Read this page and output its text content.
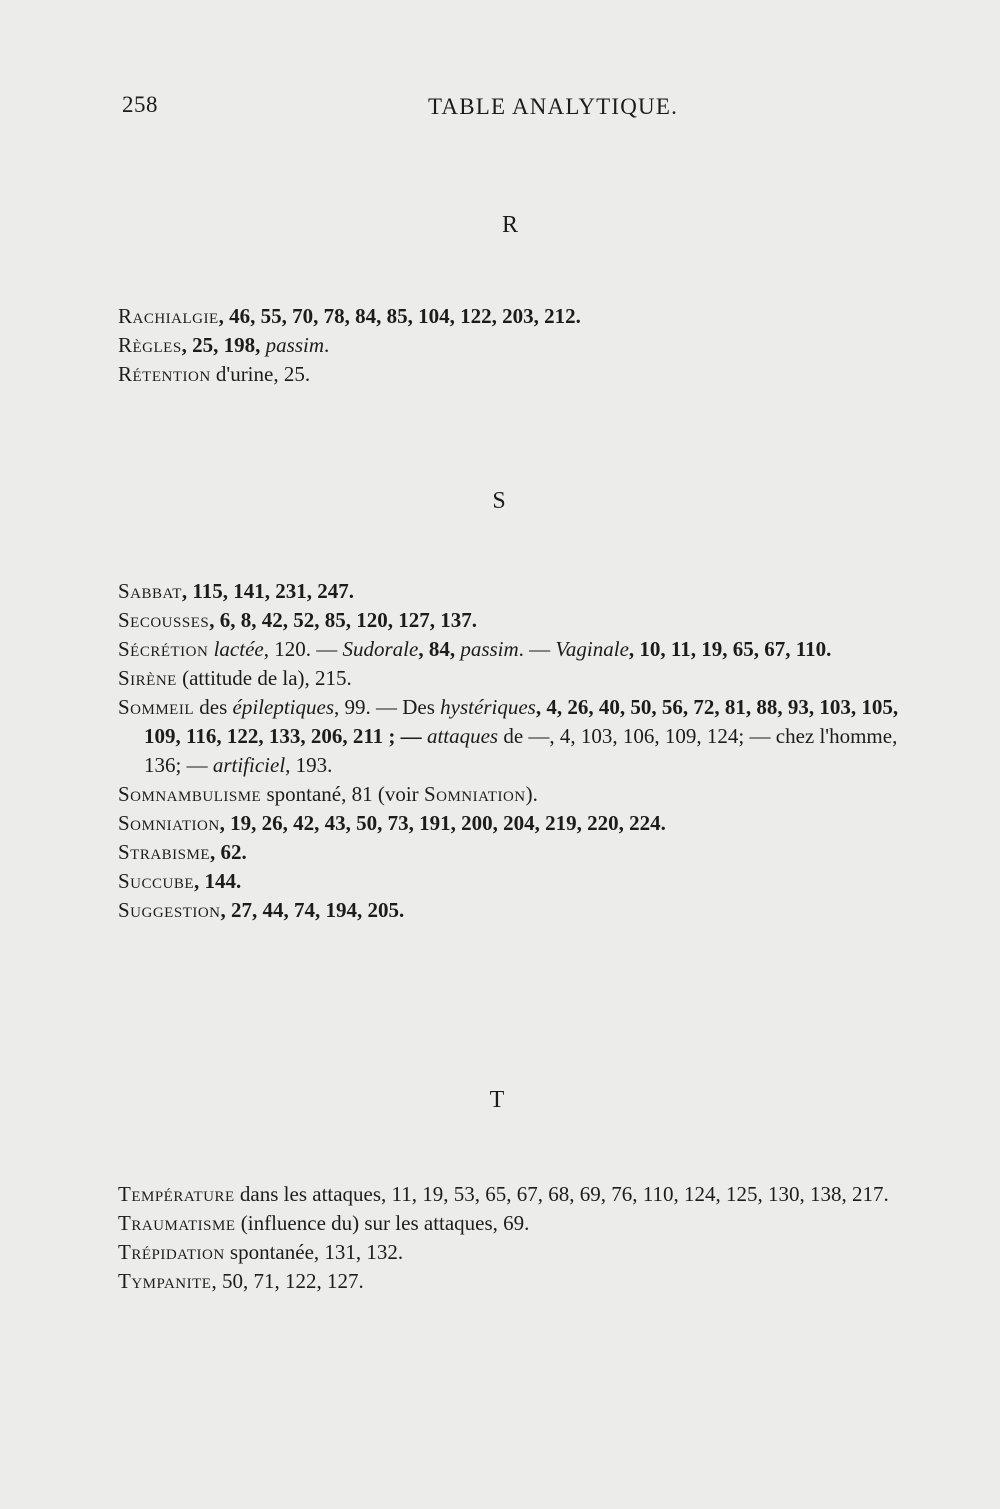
258	TABLE ANALYTIQUE.
R

Rachialgie, 46, 55, 70, 78, 84, 85, 104, 122, 203, 212.

Règles, 25, 198, passim.

Rétention d'urine, 25.

S

Sabbat, 115, 141, 231, 247.

Secousses, 6, 8, 42, 52, 85, 120, 127, 137.

Sécrétion lactée, 120. — Sudorale, 84, passim. — Vaginale, 10, 11, 19, 65, 67, 110.

Sirène (attitude de la), 215.

Sommeil des épileptiques, 99. — Des hystériques, 4, 26, 40, 50, 56, 72, 81, 88, 93, 103, 105, 109, 116, 122, 133, 206, 211 ; — attaques de —, 4, 103, 106, 109, 124; — chez l'homme, 136; — artificiel, 193.

Somnambulisme spontané, 81 (voir Somniation).

Somniation, 19, 26, 42, 43, 50, 73, 191, 200, 204, 219, 220, 224.

Strabisme, 62.

Succube, 144.

Suggestion, 27, 44, 74, 194, 205.

T

Température dans les attaques, 11, 19, 53, 65, 67, 68, 69, 76, 110, 124, 125, 130, 138, 217.

Traumatisme (influence du) sur les attaques, 69.

Trépidation spontanée, 131, 132.

Tympanite, 50, 71, 122, 127.
